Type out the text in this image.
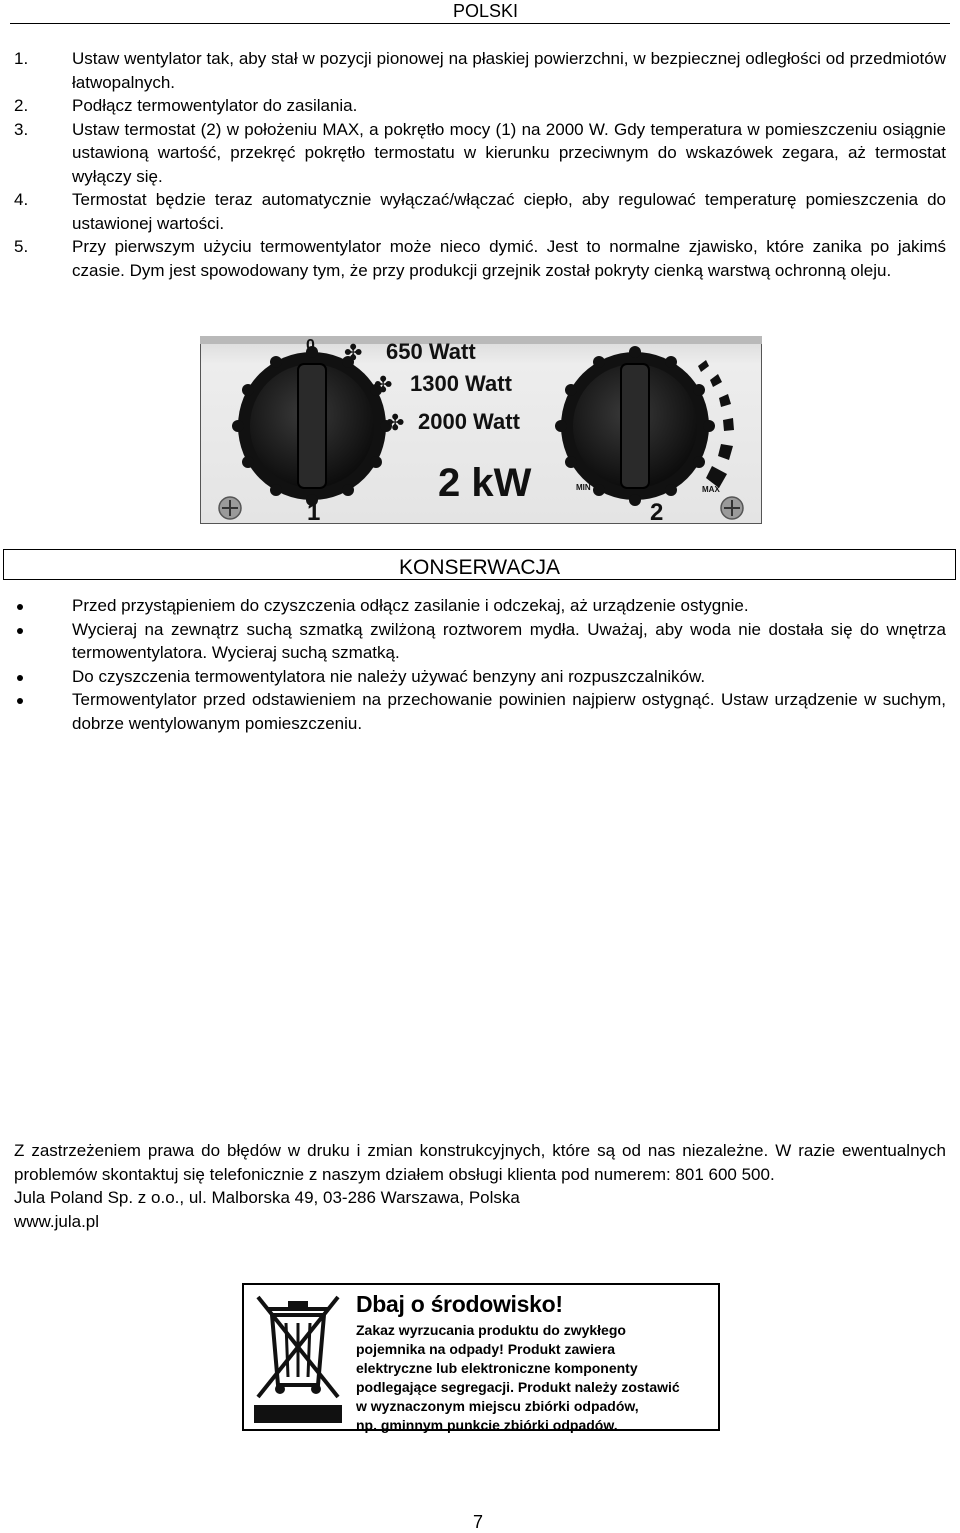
POLSKI
1.	Ustaw wentylator tak, aby stał w pozycji pionowej na płaskiej powierzchni, w bezpiecznej odległości od przedmiotów łatwopalnych.
2.	Podłącz termowentylator do zasilania.
3.	Ustaw termostat (2) w położeniu MAX, a pokrętło mocy (1) na 2000 W. Gdy temperatura w pomieszczeniu osiągnie ustawioną wartość, przekręć pokrętło termostatu w kierunku przeciwnym do wskazówek zegara, aż termostat wyłączy się.
4.	Termostat będzie teraz automatycznie wyłączać/włączać ciepło, aby regulować temperaturę pomieszczenia do ustawionej wartości.
5.	Przy pierwszym użyciu termowentylator może nieco dymić. Jest to normalne zjawisko, które zanika po jakimś czasie. Dym jest spowodowany tym, że przy produkcji grzejnik został pokryty cienką warstwą ochronną oleju.
✤
✤
✤
0	650 Watt
1300 Watt
2000 Watt
2 kW	MIN	MAX
1	2
KONSERWACJA
Przed przystąpieniem do czyszczenia odłącz zasilanie i odczekaj, aż urządzenie ostygnie.
Wycieraj na zewnątrz suchą szmatką zwilżoną roztworem mydła. Uważaj, aby woda nie dostała się do wnętrza termowentylatora. Wycieraj suchą szmatką.
Do czyszczenia termowentylatora nie należy używać benzyny ani rozpuszczalników.
Termowentylator przed odstawieniem na przechowanie powinien najpierw ostygnąć. Ustaw urządzenie w suchym, dobrze wentylowanym pomieszczeniu.

Z zastrzeżeniem prawa do błędów w druku i zmian konstrukcyjnych, które są od nas niezależne. W razie ewentualnych problemów skontaktuj się telefonicznie z naszym działem obsługi klienta pod numerem: 801 600 500.

Jula Poland Sp. z o.o., ul. Malborska 49, 03-286 Warszawa, Polska

www.jula.pl

Dbaj o środowisko!
Zakaz wyrzucania produktu do zwykłego
pojemnika na odpady! Produkt zawiera
elektryczne lub elektroniczne komponenty
podlegające segregacji. Produkt należy zostawić
w wyznaczonym miejscu zbiórki odpadów,
np. gminnym punkcie zbiórki odpadów.
7
